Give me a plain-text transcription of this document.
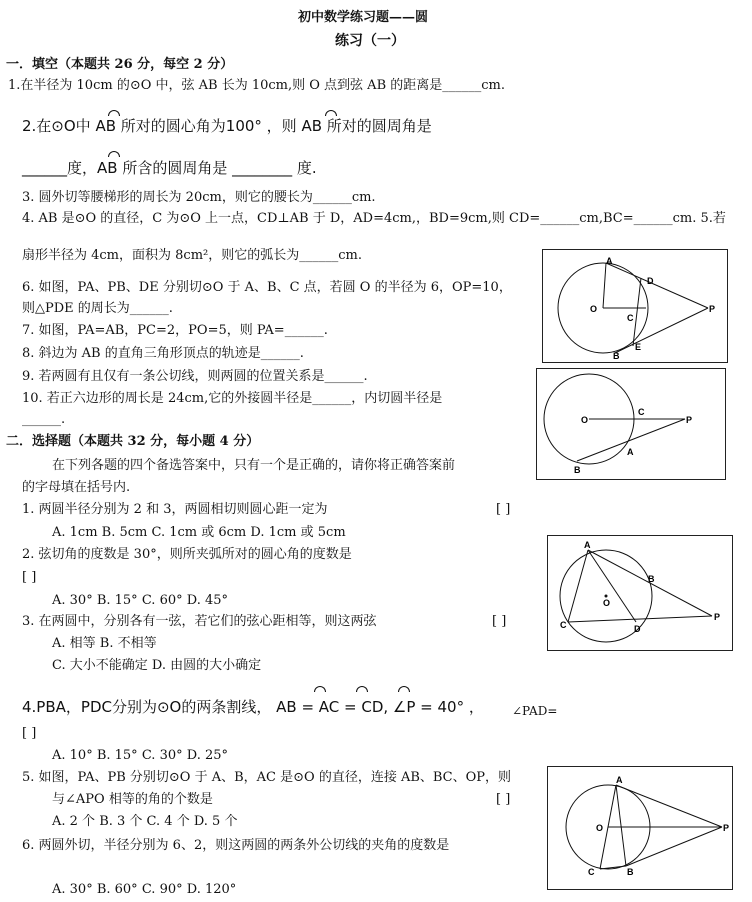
初中数学练习题——圆
练习（一）
一．填空（本题共 26 分，每空 2 分）
1.在半径为 10cm 的⊙O 中，弦 AB 长为 10cm,则 O 点到弦 AB 的距离是______cm.
2.在⊙O中 AB 所对的圆心角为100° ，则 AB 所对的圆周角是
______度，AB 所含的圆周角是 ________ 度.
3. 圆外切等腰梯形的周长为 20cm，则它的腰长为______cm.
4. AB 是⊙O 的直径，C 为⊙O 上一点，CD⊥AB 于 D，AD=4cm,，BD=9cm,则 CD=______cm,BC=______cm. 5.若
扇形半径为 4cm，面积为 8cm²，则它的弧长为______cm.
6. 如图，PA、PB、DE 分别切⊙O 于 A、B、C 点，若圆 O 的半径为 6，OP=10，
则△PDE 的周长为______.
7. 如图，PA=AB，PC=2，PO=5，则 PA=______.
8. 斜边为 AB 的直角三角形顶点的轨迹是______.
9. 若两圆有且仅有一条公切线，则两圆的位置关系是______.
10. 若正六边形的周长是 24cm,它的外接圆半径是______，内切圆半径是
______.
二．选择题（本题共 32 分，每小题 4 分）
在下列各题的四个备选答案中，只有一个是正确的，请你将正确答案前
的字母填在括号内.
1. 两圆半径分别为 2 和 3，两圆相切则圆心距一定为	[ ]
A. 1cm B. 5cm C. 1cm 或 6cm D. 1cm 或 5cm
2. 弦切角的度数是 30°，则所夹弧所对的圆心角的度数是
[ ]
A. 30° B. 15° C. 60° D. 45°
3. 在两圆中，分别各有一弦，若它们的弦心距相等，则这两弦	[ ]
A. 相等 B. 不相等
C. 大小不能确定 D. 由圆的大小确定
4.PBA，PDC分别为⊙O的两条割线， AB = AC = CD, ∠P = 40° ， ∠PAD=
[ ]
A. 10° B. 15° C. 30° D. 25°
5. 如图，PA、PB 分别切⊙O 于 A、B，AC 是⊙O 的直径，连接 AB、BC、OP，则
与∠APO 相等的角的个数是	[ ]
A. 2 个 B. 3 个 C. 4 个 D. 5 个
6. 两圆外切，半径分别为 6、2，则这两圆的两条外公切线的夹角的度数是
A. 30° B. 60° C. 90° D. 120°
A
D
O
C
P
B
E
O
C
P
A
B
A
B
O
C	D
P
A
O	P
C	B
